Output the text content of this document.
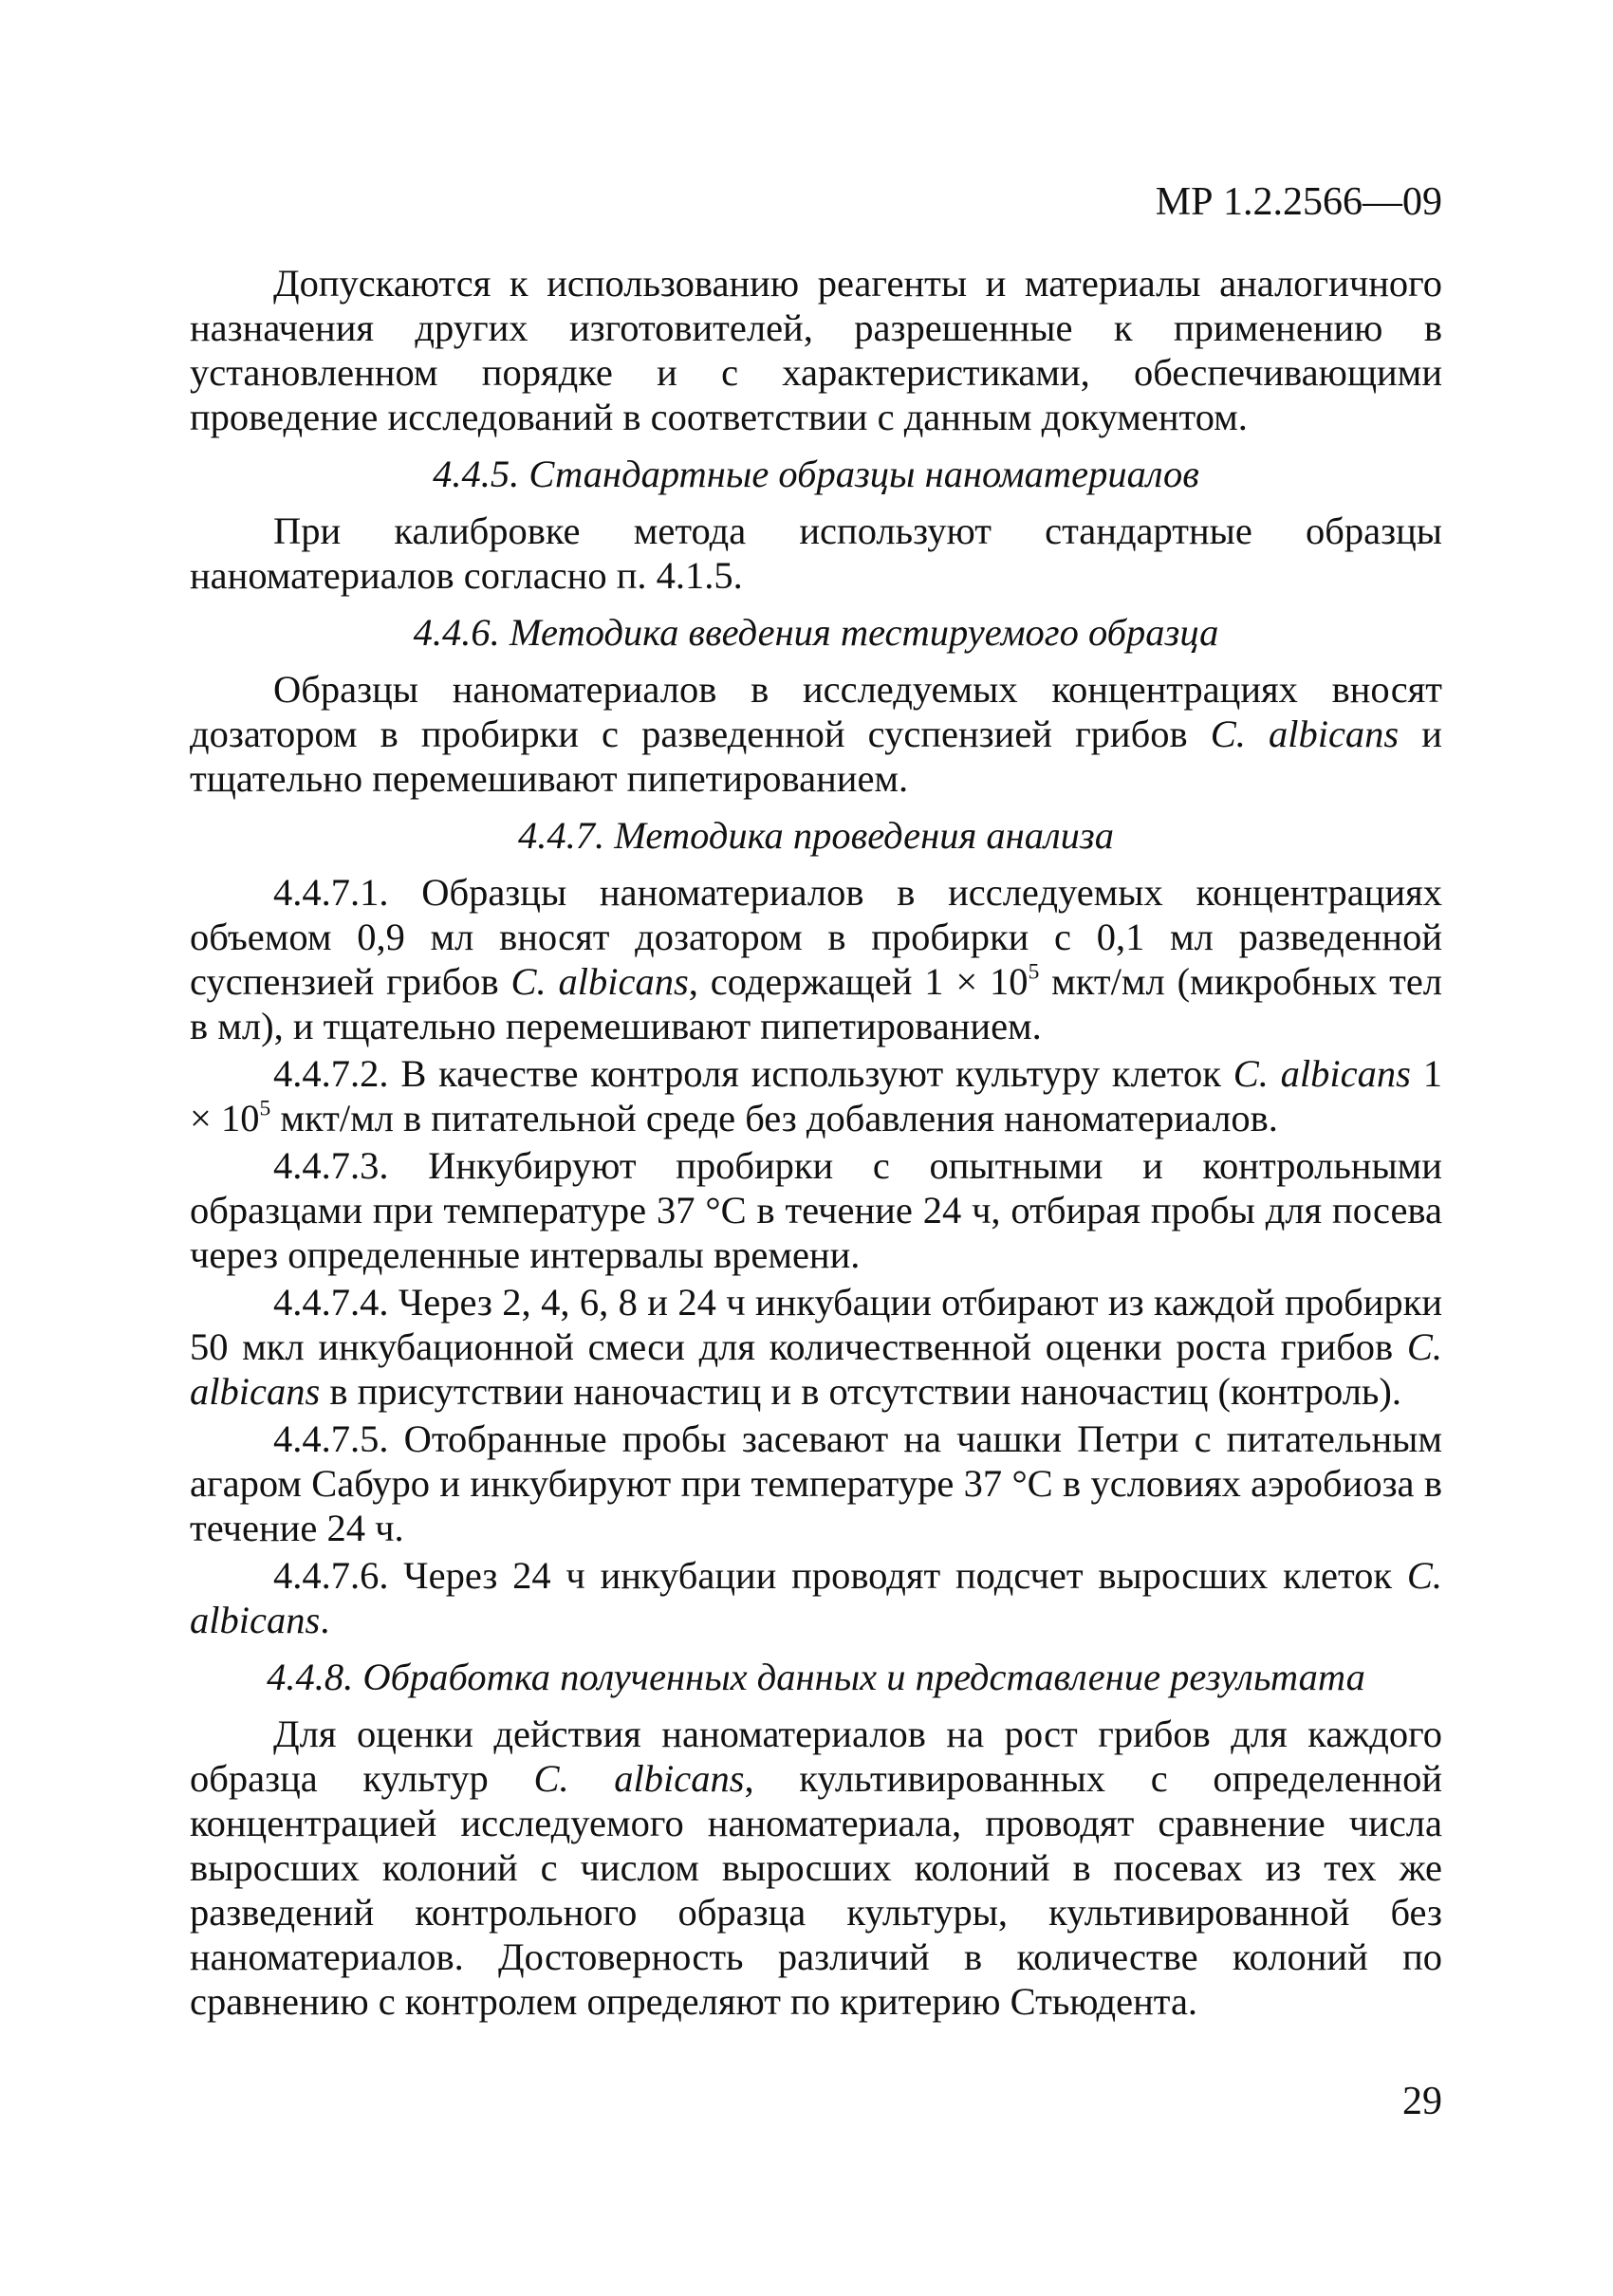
МР 1.2.2566—09

Допускаются к использованию реагенты и материалы аналогичного назначения других изготовителей, разрешенные к применению в установленном порядке и с характеристиками, обеспечивающими проведение исследований в соответствии с данным документом.

4.4.5. Стандартные образцы наноматериалов

При калибровке метода используют стандартные образцы наноматериалов согласно п. 4.1.5.

4.4.6. Методика введения тестируемого образца

Образцы наноматериалов в исследуемых концентрациях вносят дозатором в пробирки с разведенной суспензией грибов C. albicans и тщательно перемешивают пипетированием.

4.4.7. Методика проведения анализа

4.4.7.1. Образцы наноматериалов в исследуемых концентрациях объемом 0,9 мл вносят дозатором в пробирки с 0,1 мл разведенной суспензией грибов C. albicans, содержащей $1 \times 10^5$ мкт/мл (микробных тел в мл), и тщательно перемешивают пипетированием.

4.4.7.2. В качестве контроля используют культуру клеток C. albicans $1 \times 10^5$ мкт/мл в питательной среде без добавления наноматериалов.

4.4.7.3. Инкубируют пробирки с опытными и контрольными образцами при температуре 37 °С в течение 24 ч, отбирая пробы для посева через определенные интервалы времени.

4.4.7.4. Через 2, 4, 6, 8 и 24 ч инкубации отбирают из каждой пробирки 50 мкл инкубационной смеси для количественной оценки роста грибов C. albicans в присутствии наночастиц и в отсутствии наночастиц (контроль).

4.4.7.5. Отобранные пробы засевают на чашки Петри с питательным агаром Сабуро и инкубируют при температуре 37 °С в условиях аэробиоза в течение 24 ч.

4.4.7.6. Через 24 ч инкубации проводят подсчет выросших клеток C. albicans.

4.4.8. Обработка полученных данных и представление результата

Для оценки действия наноматериалов на рост грибов для каждого образца культур C. albicans, культивированных с определенной концентрацией исследуемого наноматериала, проводят сравнение числа выросших колоний с числом выросших колоний в посевах из тех же разведений контрольного образца культуры, культивированной без наноматериалов. Достоверность различий в количестве колоний по сравнению с контролем определяют по критерию Стьюдента.

29
